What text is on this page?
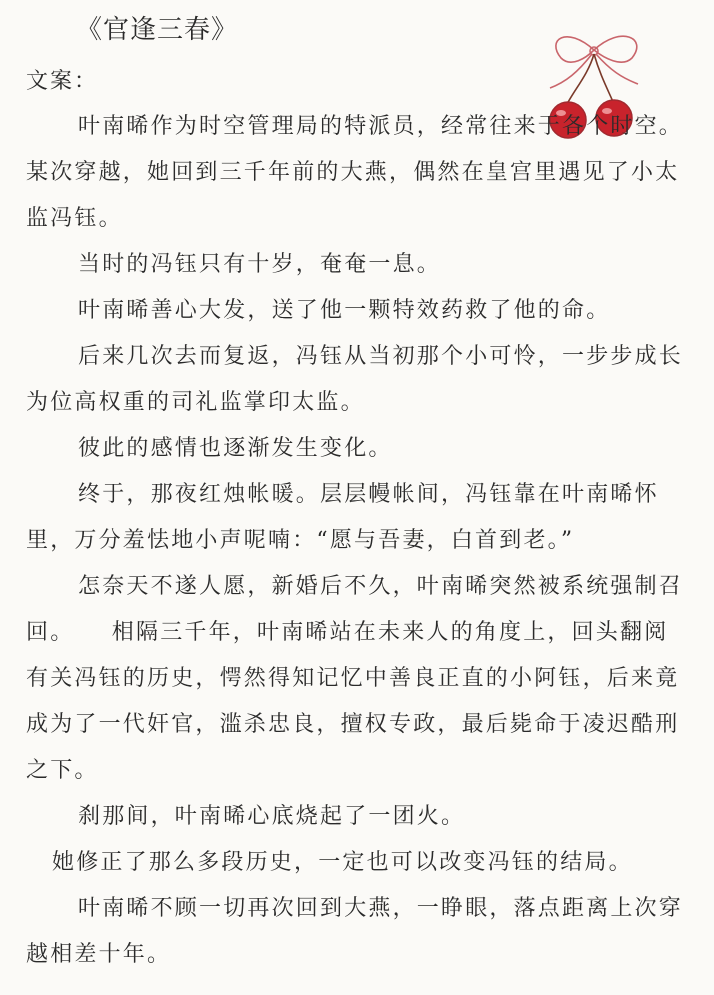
《官逢三春》
文案：

叶南晞作为时空管理局的特派员，经常往来于各个时空。　 某次穿越，她回到三千年前的大燕，偶然在皇宫里遇见了小太监冯钰。

当时的冯钰只有十岁，奄奄一息。

叶南晞善心大发，送了他一颗特效药救了他的命。

后来几次去而复返，冯钰从当初那个小可怜，一步步成长为位高权重的司礼监掌印太监。

彼此的感情也逐渐发生变化。

终于，那夜红烛帐暖。层层幔帐间，冯钰靠在叶南晞怀里，万分羞怯地小声呢喃：“愿与吾妻，白首到老。”

怎奈天不遂人愿，新婚后不久，叶南晞突然被系统强制召回。　　相隔三千年，叶南晞站在未来人的角度上，回头翻阅有关冯钰的历史，愕然得知记忆中善良正直的小阿钰，后来竟成为了一代奸官，滥杀忠良，擅权专政，最后毙命于凌迟酷刑之下。

刹那间，叶南晞心底烧起了一团火。

她修正了那么多段历史，一定也可以改变冯钰的结局。

叶南晞不顾一切再次回到大燕，一睁眼，落点距离上次穿越相差十年。
